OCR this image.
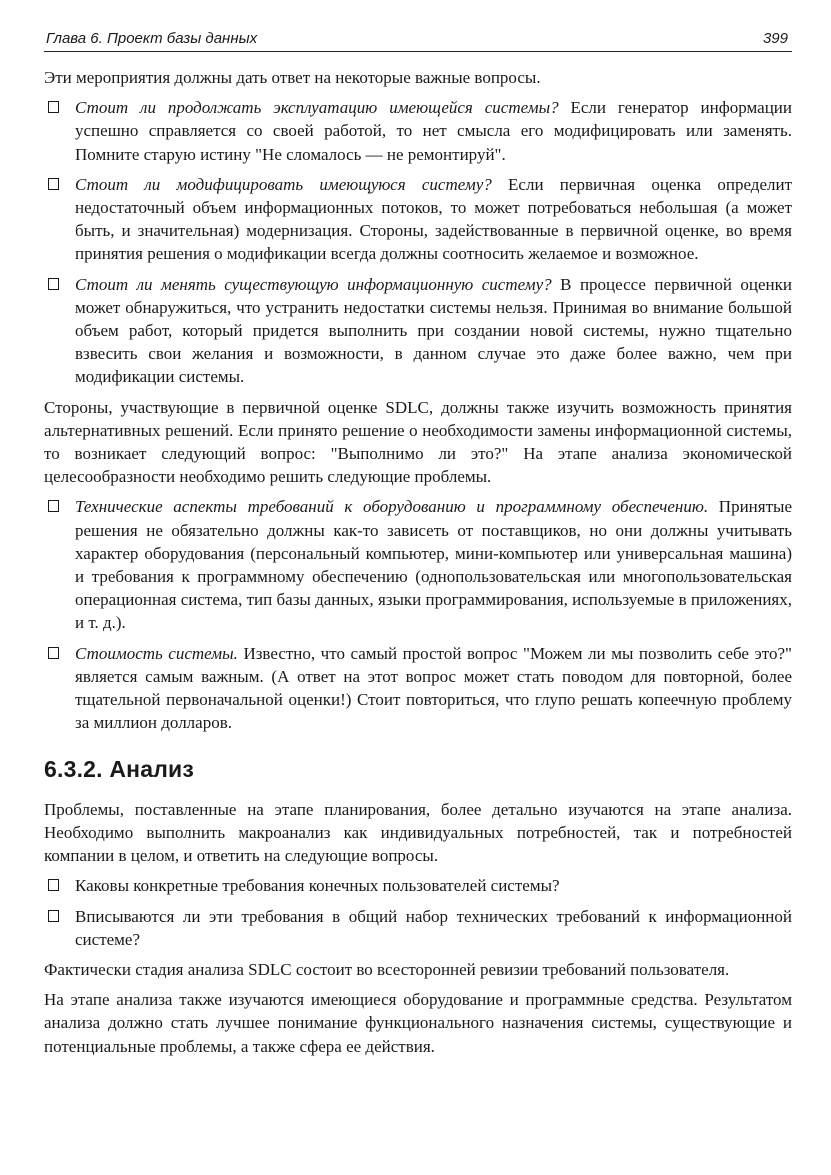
Глава 6. Проект базы данных	399

Эти мероприятия должны дать ответ на некоторые важные вопросы.

Стоит ли продолжать эксплуатацию имеющейся системы? Если генератор информации успешно справляется со своей работой, то нет смысла его модифицировать или заменять. Помните старую истину "Не сломалось — не ремонтируй".
Стоит ли модифицировать имеющуюся систему? Если первичная оценка определит недостаточный объем информационных потоков, то может потребоваться небольшая (а может быть, и значительная) модернизация. Стороны, задействованные в первичной оценке, во время принятия решения о модификации всегда должны соотносить желаемое и возможное.
Стоит ли менять существующую информационную систему? В процессе первичной оценки может обнаружиться, что устранить недостатки системы нельзя. Принимая во внимание большой объем работ, который придется выполнить при создании новой системы, нужно тщательно взвесить свои желания и возможности, в данном случае это даже более важно, чем при модификации системы.

Стороны, участвующие в первичной оценке SDLC, должны также изучить возможность принятия альтернативных решений. Если принято решение о необходимости замены информационной системы, то возникает следующий вопрос: "Выполнимо ли это?" На этапе анализа экономической целесообразности необходимо решить следующие проблемы.

Технические аспекты требований к оборудованию и программному обеспечению. Принятые решения не обязательно должны как-то зависеть от поставщиков, но они должны учитывать характер оборудования (персональный компьютер, мини-компьютер или универсальная машина) и требования к программному обеспечению (однопользовательская или многопользовательская операционная система, тип базы данных, языки программирования, используемые в приложениях, и т. д.).
Стоимость системы. Известно, что самый простой вопрос "Можем ли мы позволить себе это?" является самым важным. (А ответ на этот вопрос может стать поводом для повторной, более тщательной первоначальной оценки!) Стоит повториться, что глупо решать копеечную проблему за миллион долларов.
6.3.2. Анализ

Проблемы, поставленные на этапе планирования, более детально изучаются на этапе анализа. Необходимо выполнить макроанализ как индивидуальных потребностей, так и потребностей компании в целом, и ответить на следующие вопросы.

Каковы конкретные требования конечных пользователей системы?
Вписываются ли эти требования в общий набор технических требований к информационной системе?

Фактически стадия анализа SDLC состоит во всесторонней ревизии требований пользователя.

На этапе анализа также изучаются имеющиеся оборудование и программные средства. Результатом анализа должно стать лучшее понимание функционального назначения системы, существующие и потенциальные проблемы, а также сфера ее действия.
